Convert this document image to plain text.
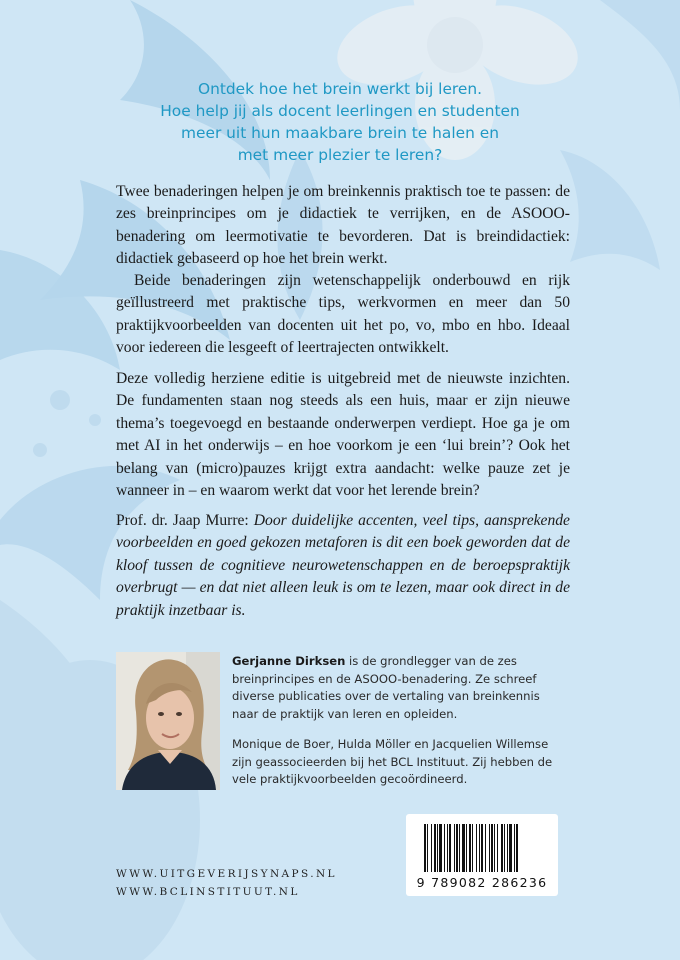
Ontdek hoe het brein werkt bij leren.
Hoe help jij als docent leerlingen en studenten
meer uit hun maakbare brein te halen en
met meer plezier te leren?

Twee benaderingen helpen je om breinkennis praktisch toe te passen: de zes breinprincipes om je didactiek te verrijken, en de ASOOO-benadering om leermotivatie te bevorderen. Dat is breindidactiek: didactiek gebaseerd op hoe het brein werkt.

Beide benaderingen zijn wetenschappelijk onderbouwd en rijk geïllustreerd met praktische tips, werkvormen en meer dan 50 praktijkvoorbeelden van docenten uit het po, vo, mbo en hbo. Ideaal voor iedereen die lesgeeft of leertrajecten ontwikkelt.

Deze volledig herziene editie is uitgebreid met de nieuwste inzichten. De fundamenten staan nog steeds als een huis, maar er zijn nieuwe thema’s toegevoegd en bestaande onderwerpen verdiept. Hoe ga je om met AI in het onderwijs – en hoe voorkom je een ‘lui brein’? Ook het belang van (micro)pauzes krijgt extra aandacht: welke pauze zet je wanneer in – en waarom werkt dat voor het lerende brein?

Prof. dr. Jaap Murre: Door duidelijke accenten, veel tips, aansprekende voorbeelden en goed gekozen metaforen is dit een boek geworden dat de kloof tussen de cognitieve neurowetenschappen en de beroepspraktijk overbrugt — en dat niet alleen leuk is om te lezen, maar ook direct in de praktijk inzetbaar is.

Gerjanne Dirksen is de grondlegger van de zes breinprincipes en de ASOOO-benadering. Ze schreef diverse publicaties over de vertaling van breinkennis naar de praktijk van leren en opleiden.

Monique de Boer, Hulda Möller en Jacquelien Willemse zijn geassocieerden bij het BCL Instituut. Zij hebben de vele praktijkvoorbeelden gecoördineerd.

9 789082 286236
WWW.UITGEVERIJSYNAPS.NL
WWW.BCLINSTITUUT.NL
